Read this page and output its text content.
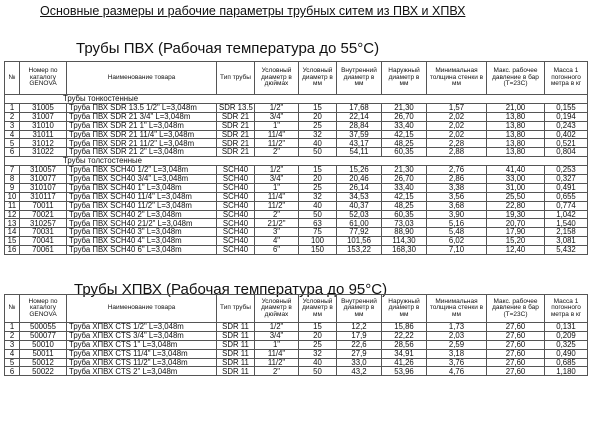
Основные размеры и рабочие параметры трубных ситем из ПВХ и ХПВХ
Трубы ПВХ (Рабочая температура до 55°С)
№	Номер по каталогу GENOVA	Наименование товара	Тип трубы	Условный диаметр в дюймах	Условный диаметр в мм	Внутренний диаметр в мм	Наружный диаметр в мм	Минимальная толщина стенки в мм	Макс. рабочее давление в бар (Т=23С)	Масса 1 погонного метра в кг
Трубы тонкостенные										
1	31005	Труба ПВХ SDR 13.5 1/2" L=3,048m	SDR 13.5	1/2"	15	17,68	21,30	1,57	21,00	0,155
2	31007	Труба ПВХ SDR 21 3/4" L=3,048m	SDR 21	3/4"	20	22,14	26,70	2,02	13,80	0,194
3	31010	Труба ПВХ SDR 21 1" L=3,048m	SDR 21	1"	25	28,84	33,40	2,02	13,80	0,243
4	31011	Труба ПВХ SDR 21 11/4" L=3,048m	SDR 21	11/4"	32	37,59	42,15	2,02	13,80	0,402
5	31012	Труба ПВХ SDR 21 11/2" L=3,048m	SDR 21	11/2"	40	43,17	48,25	2,28	13,80	0,521
6	31022	Труба ПВХ SDR 21 2" L=3,048m	SDR 21	2"	50	54,11	60,35	2,88	13,80	0,804
Трубы толстостенные										
7	310057	Труба ПВХ SCH40 1/2" L=3,048m	SCH40	1/2"	15	15,26	21,30	2,76	41,40	0,253
8	310077	Труба ПВХ SCH40 3/4" L=3,048m	SCH40	3/4"	20	20,46	26,70	2,86	33,00	0,327
9	310107	Труба ПВХ SCH40 1" L=3,048m	SCH40	1"	25	26,14	33,40	3,38	31,00	0,491
10	310117	Труба ПВХ SCH40 11/4" L=3,048m	SCH40	11/4"	32	34,53	42,15	3,56	25,50	0,655
11	70011	Труба ПВХ SCH40 11/2" L=3,048m	SCH40	11/2"	40	40,37	48,25	3,68	22,80	0,774
12	70021	Труба ПВХ SCH40 2" L=3,048m	SCH40	2"	50	52,03	60,35	3,90	19,30	1,042
13	310257	Труба ПВХ SCH40 21/2" L=3,048m	SCH40	21/2"	63	61,00	73,03	5,16	20,70	1,540
14	70031	Труба ПВХ SCH40 3" L=3,048m	SCH40	3"	75	77,92	88,90	5,48	17,90	2,158
15	70041	Труба ПВХ SCH40 4" L=3,048m	SCH40	4"	100	101,56	114,30	6,02	15,20	3,081
16	70061	Труба ПВХ SCH40 6" L=3,048m	SCH40	6"	150	153,22	168,30	7,10	12,40	5,432
Трубы ХПВХ (Рабочая температура до 95°С)
№	Номер по каталогу GENOVA	Наименование товара	Тип трубы	Условный диаметр в дюймах	Условный диаметр в мм	Внутренний диаметр в мм	Наружный диаметр в мм	Минимальная толщина стенки в мм	Макс. рабочее давление в бар (Т=23С)	Масса 1 погонного метра в кг
1	500055	Труба ХПВХ CTS 1/2" L=3,048m	SDR 11	1/2"	15	12,2	15,86	1,73	27,60	0,131
2	500077	Труба ХПВХ CTS 3/4" L=3,048m	SDR 11	3/4"	20	17,9	22,22	2,03	27,60	0,209
3	50010	Труба ХПВХ CTS 1" L=3,048m	SDR 11	1"	25	22,6	28,56	2,59	27,60	0,325
4	50011	Труба ХПВХ CTS 11/4" L=3,048m	SDR 11	11/4"	32	27,9	34,91	3,18	27,60	0,490
5	50012	Труба ХПВХ CTS 11/2" L=3,048m	SDR 11	11/2"	40	33,0	41,26	3,76	27,60	0,685
6	50022	Труба ХПВХ CTS 2" L=3,048m	SDR 11	2"	50	43,2	53,96	4,76	27,60	1,180
